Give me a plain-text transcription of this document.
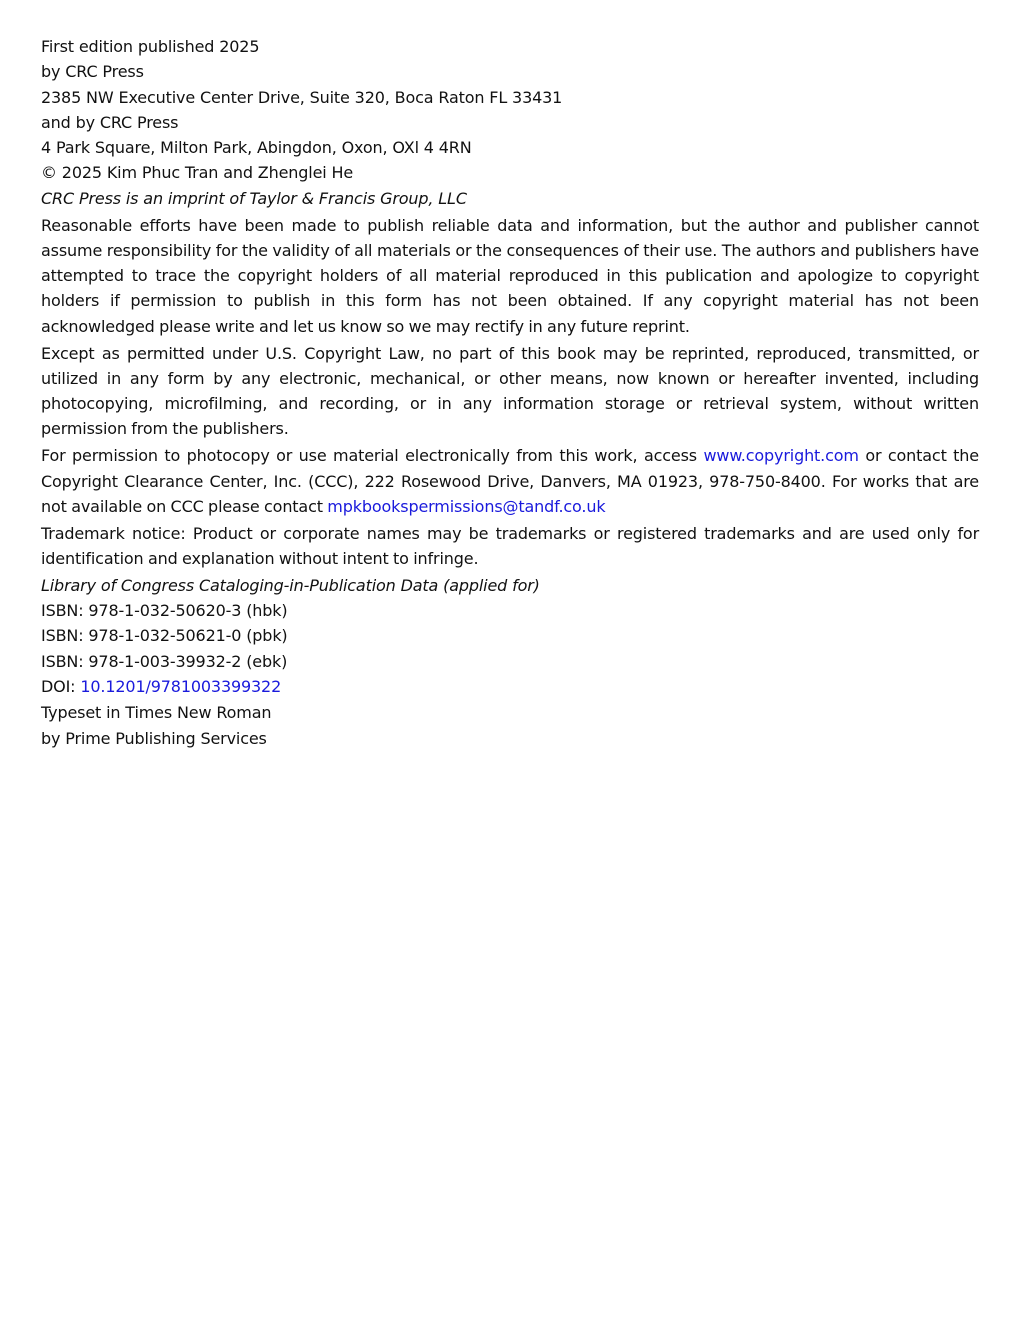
First edition published 2025
by CRC Press
2385 NW Executive Center Drive, Suite 320, Boca Raton FL 33431
and by CRC Press
4 Park Square, Milton Park, Abingdon, Oxon, OXl 4 4RN
© 2025 Kim Phuc Tran and Zhenglei He
CRC Press is an imprint of Taylor & Francis Group, LLC
Reasonable efforts have been made to publish reliable data and information, but the author and publisher cannot assume responsibility for the validity of all materials or the consequences of their use. The authors and publishers have attempted to trace the copyright holders of all material reproduced in this publication and apologize to copyright holders if permission to publish in this form has not been obtained. If any copyright material has not been acknowledged please write and let us know so we may rectify in any future reprint.
Except as permitted under U.S. Copyright Law, no part of this book may be reprinted, reproduced, transmitted, or utilized in any form by any electronic, mechanical, or other means, now known or hereafter invented, including photocopying, microfilming, and recording, or in any information storage or retrieval system, without written permission from the publishers.
For permission to photocopy or use material electronically from this work, access www.copyright.com or contact the Copyright Clearance Center, Inc. (CCC), 222 Rosewood Drive, Danvers, MA 01923, 978-750-8400. For works that are not available on CCC please contact mpkbookspermissions@tandf.co.uk
Trademark notice: Product or corporate names may be trademarks or registered trademarks and are used only for identification and explanation without intent to infringe.
Library of Congress Cataloging-in-Publication Data (applied for)
ISBN: 978-1-032-50620-3 (hbk)
ISBN: 978-1-032-50621-0 (pbk)
ISBN: 978-1-003-39932-2 (ebk)
DOI: 10.1201/9781003399322
Typeset in Times New Roman
by Prime Publishing Services
